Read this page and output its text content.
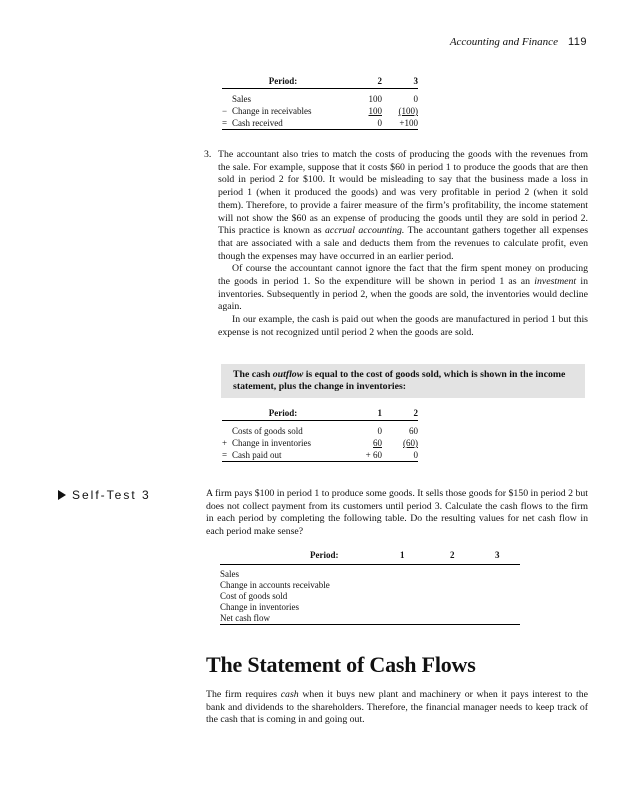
Accounting and Finance 119
Period:		2	3

	Sales	100	0
−	Change in receivables	100	(100)
=	Cash received	0	+100
3. The accountant also tries to match the costs of producing the goods with the revenues from the sale. For example, suppose that it costs $60 in period 1 to produce the goods that are then sold in period 2 for $100. It would be misleading to say that the business made a loss in period 1 (when it produced the goods) and was very profitable in period 2 (when it sold them). Therefore, to provide a fairer measure of the firm’s profitability, the income statement will not show the $60 as an expense of producing the goods until they are sold in period 2. This practice is known as accrual accounting. The accountant gathers together all expenses that are associated with a sale and deducts them from the revenues to calculate profit, even though the expenses may have occurred in an earlier period.

Of course the accountant cannot ignore the fact that the firm spent money on producing the goods in period 1. So the expenditure will be shown in period 1 as an investment in inventories. Subsequently in period 2, when the goods are sold, the inventories would decline again.

In our example, the cash is paid out when the goods are manufactured in period 1 but this expense is not recognized until period 2 when the goods are sold.

The cash outflow is equal to the cost of goods sold, which is shown in the income statement, plus the change in inventories:
Period:		1	2

	Costs of goods sold	0	60
+	Change in inventories	60	(60)
=	Cash paid out	+ 60	0
Self-Test 3	A firm pays $100 in period 1 to produce some goods. It sells those goods for $150 in period 2 but does not collect payment from its customers until period 3. Calculate the cash flows to the firm in each period by completing the following table. Do the resulting values for net cash flow in each period make sense?
Period:	1	2	3
Sales
Change in accounts receivable
Cost of goods sold
Change in inventories
Net cash flow
The Statement of Cash Flows
The firm requires cash when it buys new plant and machinery or when it pays interest to the bank and dividends to the shareholders. Therefore, the financial manager needs to keep track of the cash that is coming in and going out.
